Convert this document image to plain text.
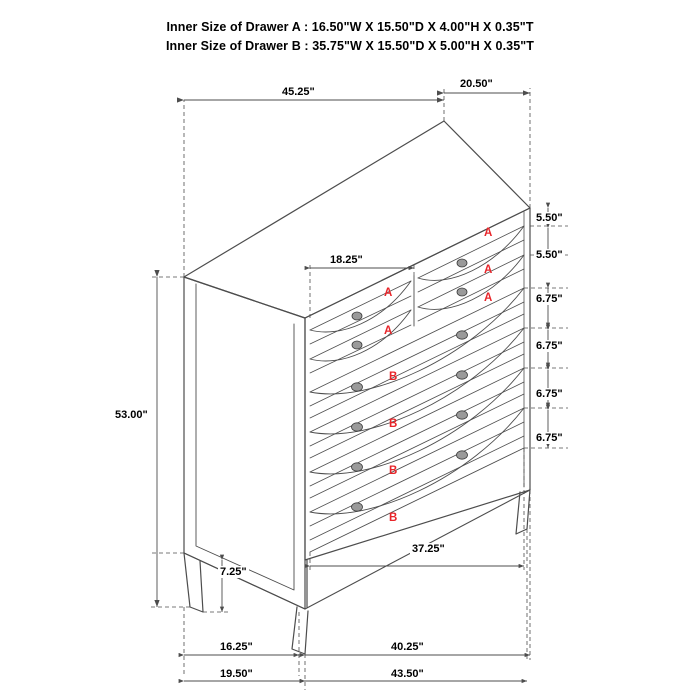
Inner Size of Drawer A : 16.50"W X 15.50"D X 4.00"H X 0.35"T
Inner Size of Drawer B : 35.75"W X 15.50"D X 5.00"H X 0.35"T
45.25"
20.50"
18.25"
53.00"
7.25"
37.25"
16.25"	40.25"
19.50"	43.50"
5.50"
5.50"
6.75"
6.75"
6.75"
6.75"
A
A
A
A
A
B
B
B
B
